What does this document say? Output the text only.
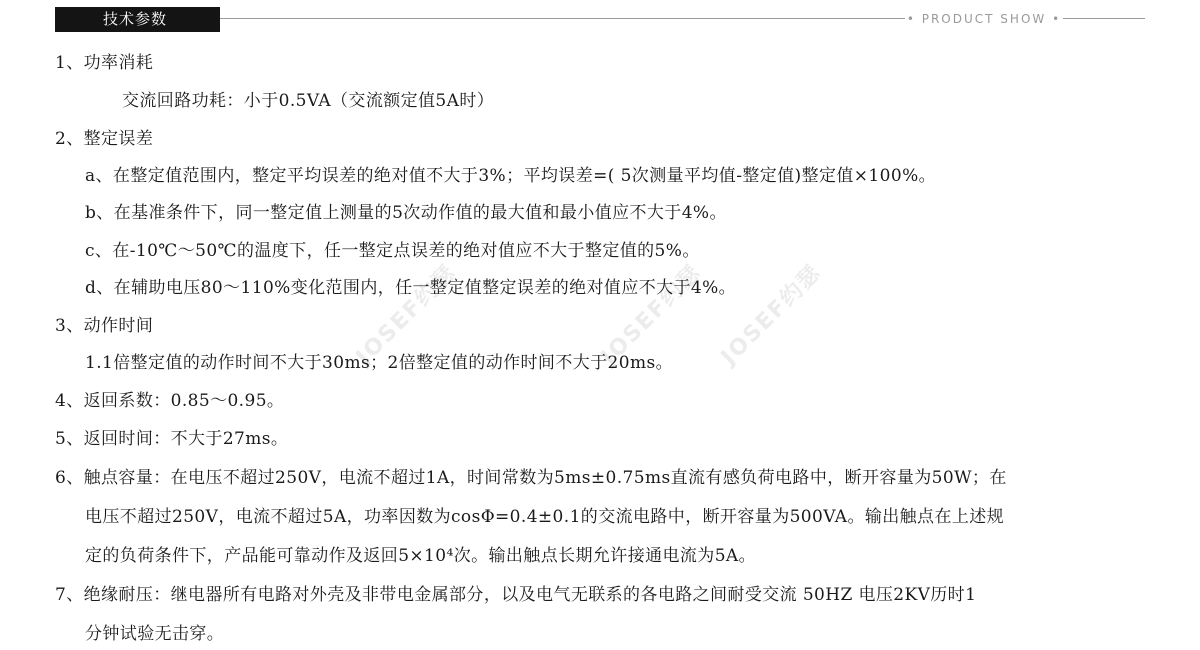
技术参数	• PRODUCT SHOW •
JOSEF约瑟	JOSEF约瑟 JOSEF约瑟
1、功率消耗
交流回路功耗：小于0.5VA（交流额定值5A时）
2、整定误差
a、在整定值范围内，整定平均误差的绝对值不大于3%；平均误差=( 5次测量平均值-整定值)整定值×100%。
b、在基准条件下，同一整定值上测量的5次动作值的最大值和最小值应不大于4%。
c、在-10℃～50℃的温度下，任一整定点误差的绝对值应不大于整定值的5%。
d、在辅助电压80～110%变化范围内，任一整定值整定误差的绝对值应不大于4%。
3、动作时间
1.1倍整定值的动作时间不大于30ms；2倍整定值的动作时间不大于20ms。
4、返回系数：0.85～0.95。
5、返回时间：不大于27ms。
6、触点容量：在电压不超过250V，电流不超过1A，时间常数为5ms±0.75ms直流有感负荷电路中，断开容量为50W；在
电压不超过250V，电流不超过5A，功率因数为cosΦ=0.4±0.1的交流电路中，断开容量为500VA。输出触点在上述规
定的负荷条件下，产品能可靠动作及返回5×10⁴次。输出触点长期允许接通电流为5A。
7、绝缘耐压：继电器所有电路对外壳及非带电金属部分，以及电气无联系的各电路之间耐受交流 50HZ 电压2KV历时1
分钟试验无击穿。
